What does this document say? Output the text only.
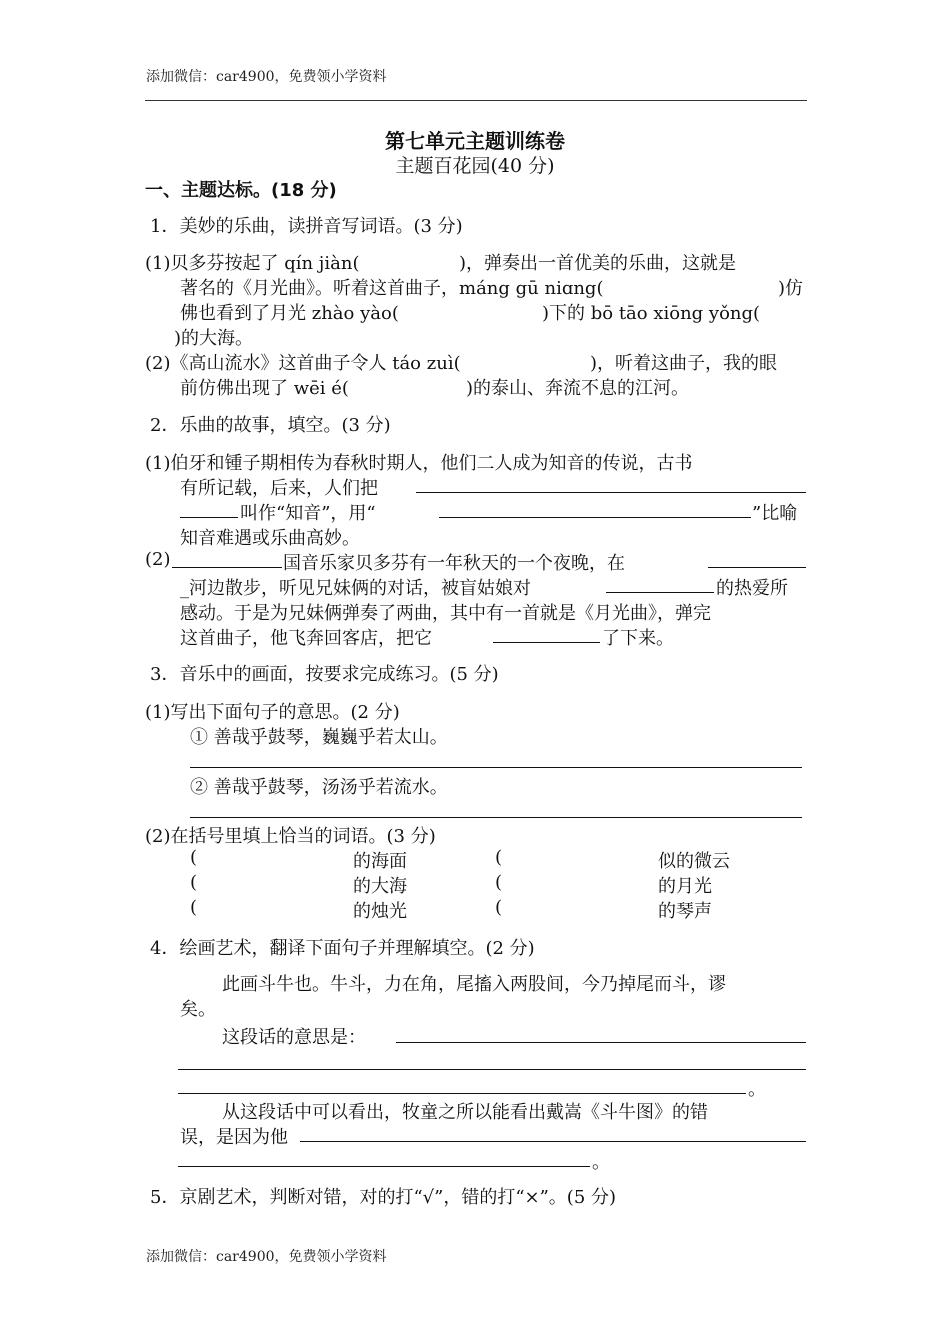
添加微信：car4900，免费领小学资料
第七单元主题训练卷
主题百花园(40 分)
一、主题达标。(18 分)
1．美妙的乐曲，读拼音写词语。(3 分)
(1)贝多芬按起了 qín jiàn(	)，弹奏出一首优美的乐曲，这就是
著名的《月光曲》。听着这首曲子，máng gū niɑng(	)仿
佛也看到了月光 zhào yào(	)下的 bō tāo xiōng yǒng(
)的大海。
(2)《高山流水》这首曲子令人 táo zuì(	)，听着这曲子，我的眼
前仿佛出现了 wēi é(	)的泰山、奔流不息的江河。
2．乐曲的故事，填空。(3 分)
(1)伯牙和锺子期相传为春秋时期人，他们二人成为知音的传说，古书
有所记载，后来，人们把
叫作“知音”，用“	”比喻
知音难遇或乐曲高妙。
(2)	国音乐家贝多芬有一年秋天的一个夜晚，在
_河边散步，听见兄妹俩的对话，被盲姑娘对	的热爱所
感动。于是为兄妹俩弹奏了两曲，其中有一首就是《月光曲》，弹完
这首曲子，他飞奔回客店，把它	了下来。
3．音乐中的画面，按要求完成练习。(5 分)
(1)写出下面句子的意思。(2 分)
① 善哉乎鼓琴，巍巍乎若太山。
② 善哉乎鼓琴，汤汤乎若流水。
(2)在括号里填上恰当的词语。(3 分)
(	的海面	(	似的微云
(	的大海	(	的月光
(	的烛光	(	的琴声
4．绘画艺术，翻译下面句子并理解填空。(2 分)
此画斗牛也。牛斗，力在角，尾搐入两股间，今乃掉尾而斗，谬
矣。
这段话的意思是：
。
从这段话中可以看出，牧童之所以能看出戴嵩《斗牛图》的错
误，是因为他
。
5．京剧艺术，判断对错，对的打“√”，错的打“×”。(5 分)
添加微信：car4900，免费领小学资料
